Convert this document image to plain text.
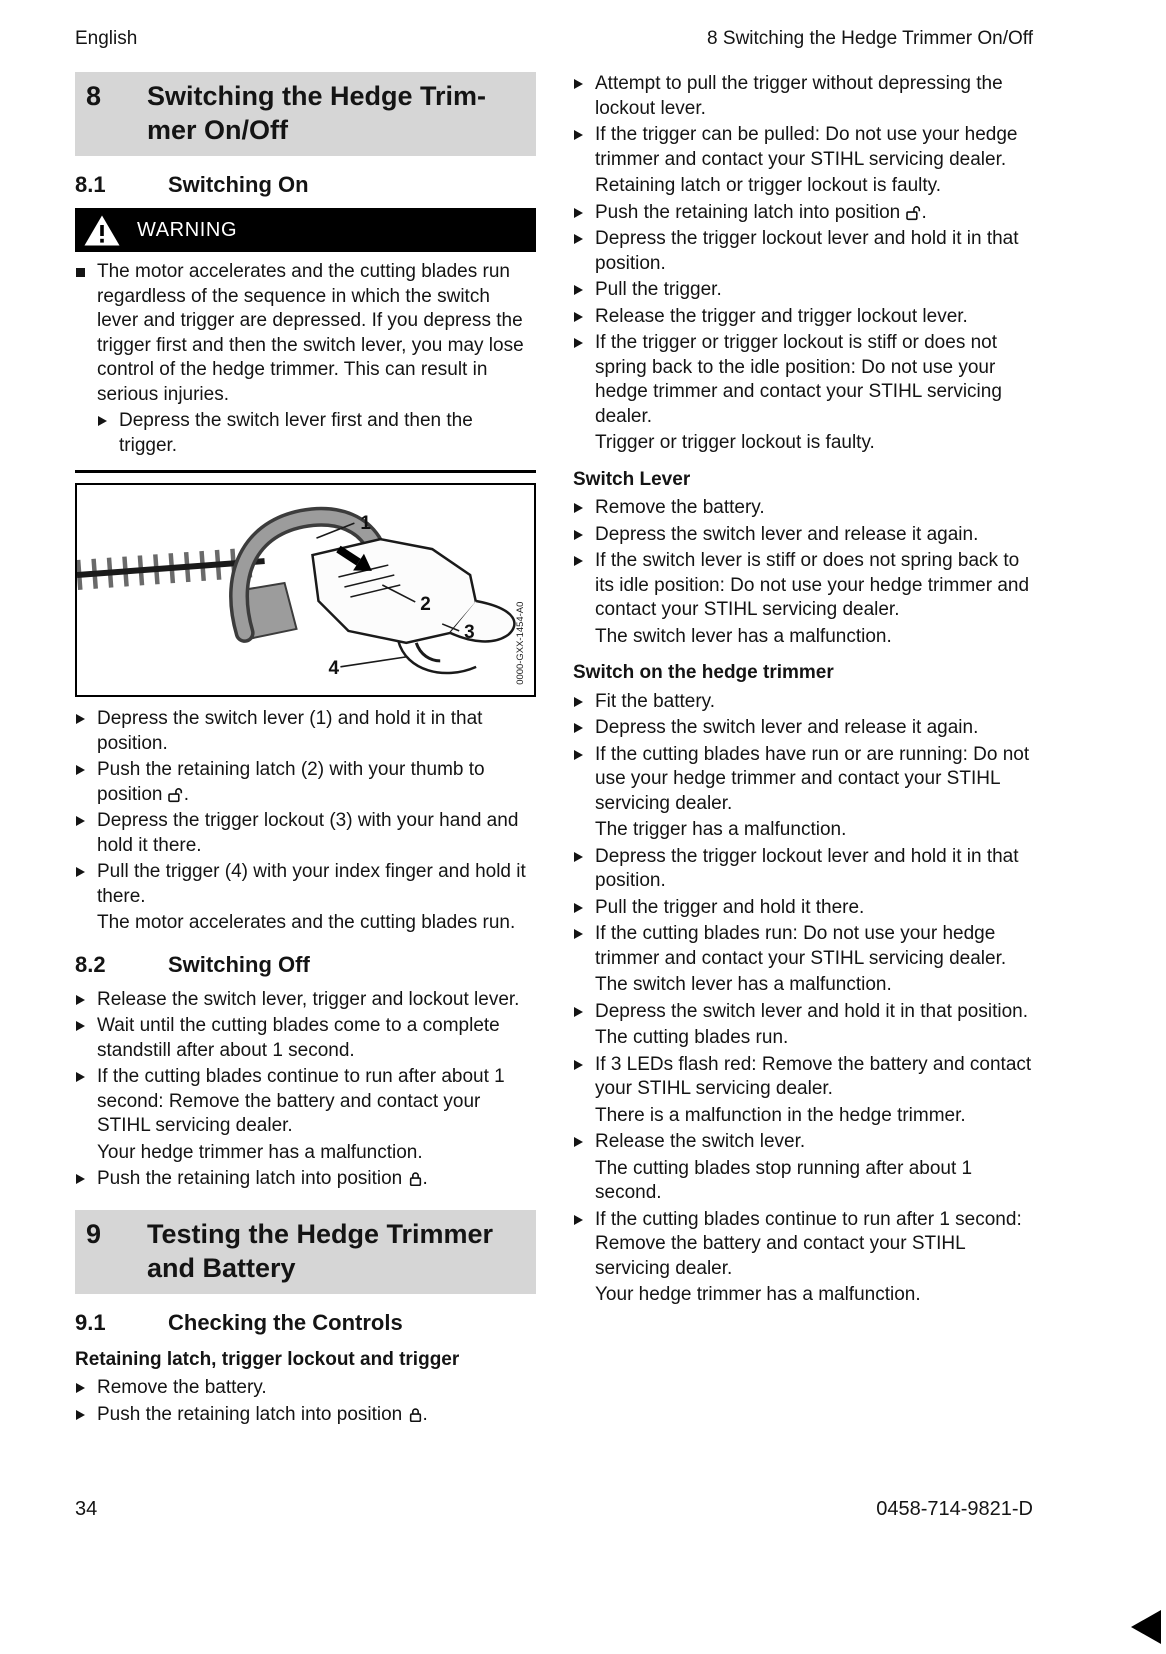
English	8 Switching the Hedge Trimmer On/Off
8	Switching the Hedge Trim-
mer On/Off
8.1	Switching On
WARNING
The motor accelerates and the cutting blades run regardless of the sequence in which the switch lever and trigger are depressed. If you depress the trigger first and then the switch lever, you may lose control of the hedge trimmer. This can result in serious injuries.
Depress the switch lever first and then the trigger.
1
2
3
4	0000-GXX-1454-A0
Depress the switch lever (1) and hold it in that position.
Push the retaining latch (2) with your thumb to position .
Depress the trigger lockout (3) with your hand and hold it there.
Pull the trigger (4) with your index finger and hold it there.
The motor accelerates and the cutting blades run.
8.2	Switching Off
Release the switch lever, trigger and lockout lever.
Wait until the cutting blades come to a complete standstill after about 1 second.
If the cutting blades continue to run after about 1 second: Remove the battery and contact your STIHL servicing dealer.
Your hedge trimmer has a malfunction.
Push the retaining latch into position .
9	Testing the Hedge Trimmer
and Battery
9.1	Checking the Controls
Retaining latch, trigger lockout and trigger
Remove the battery.
Push the retaining latch into position .
Attempt to pull the trigger without depressing the lockout lever.
If the trigger can be pulled: Do not use your hedge trimmer and contact your STIHL servicing dealer.
Retaining latch or trigger lockout is faulty.
Push the retaining latch into position .
Depress the trigger lockout lever and hold it in that position.
Pull the trigger.
Release the trigger and trigger lockout lever.
If the trigger or trigger lockout is stiff or does not spring back to the idle position: Do not use your hedge trimmer and contact your STIHL servicing dealer.
Trigger or trigger lockout is faulty.
Switch Lever
Remove the battery.
Depress the switch lever and release it again.
If the switch lever is stiff or does not spring back to its idle position: Do not use your hedge trimmer and contact your STIHL servicing dealer.
The switch lever has a malfunction.
Switch on the hedge trimmer
Fit the battery.
Depress the switch lever and release it again.
If the cutting blades have run or are running: Do not use your hedge trimmer and contact your STIHL servicing dealer.
The trigger has a malfunction.
Depress the trigger lockout lever and hold it in that position.
Pull the trigger and hold it there.
If the cutting blades run: Do not use your hedge trimmer and contact your STIHL servicing dealer.
The switch lever has a malfunction.
Depress the switch lever and hold it in that position.
The cutting blades run.
If 3 LEDs flash red: Remove the battery and contact your STIHL servicing dealer.
There is a malfunction in the hedge trimmer.
Release the switch lever.
The cutting blades stop running after about 1 second.
If the cutting blades continue to run after 1 second: Remove the battery and contact your STIHL servicing dealer.
Your hedge trimmer has a malfunction.
34	0458-714-9821-D
